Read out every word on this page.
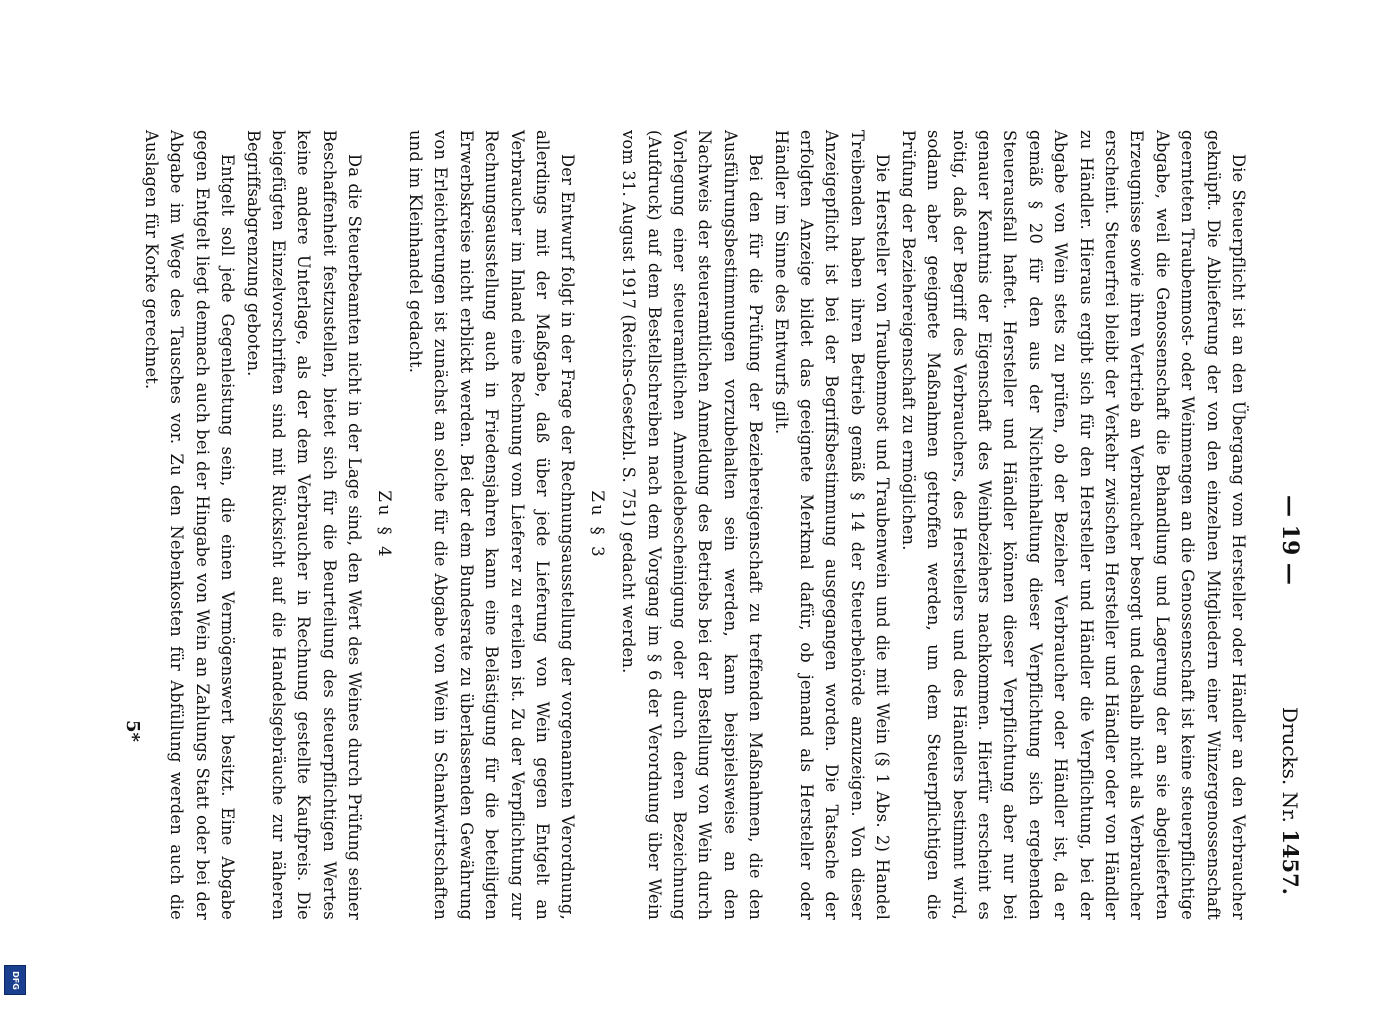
— 19 —
Drucks. Nr. 1457.

Die Steuerpflicht ist an den Übergang vom Hersteller oder Händler an den Verbraucher geknüpft. Die Ablieferung der von den einzelnen Mitgliedern einer Winzergenossenschaft geernteten Traubenmost- oder Weinmengen an die Genossenschaft ist keine steuerpflichtige Abgabe, weil die Genossenschaft die Behandlung und Lagerung der an sie abgelieferten Erzeugnisse sowie ihren Vertrieb an Verbraucher besorgt und deshalb nicht als Verbraucher erscheint. Steuerfrei bleibt der Verkehr zwischen Hersteller und Händler oder von Händler zu Händler. Hieraus ergibt sich für den Hersteller und Händler die Verpflichtung, bei der Abgabe von Wein stets zu prüfen, ob der Bezieher Verbraucher oder Händler ist, da er gemäß § 20 für den aus der Nichteinhaltung dieser Verpflichtung sich ergebenden Steuerausfall haftet. Hersteller und Händler können dieser Verpflichtung aber nur bei genauer Kenntnis der Eigenschaft des Weinbeziehers nachkommen. Hierfür erscheint es nötig, daß der Begriff des Verbrauchers, des Herstellers und des Händlers bestimmt wird, sodann aber geeignete Maßnahmen getroffen werden, um dem Steuerpflichtigen die Prüfung der Beziehereigenschaft zu ermöglichen.

Die Hersteller von Traubenmost und Traubenwein und die mit Wein (§ 1 Abs. 2) Handel Treibenden haben ihren Betrieb gemäß § 14 der Steuerbehörde anzuzeigen. Von dieser Anzeigepflicht ist bei der Begriffsbestimmung ausgegangen worden. Die Tatsache der erfolgten Anzeige bildet das geeignete Merkmal dafür, ob jemand als Hersteller oder Händler im Sinne des Entwurfs gilt.

Bei den für die Prüfung der Beziehereigenschaft zu treffenden Maßnahmen, die den Ausführungsbestimmungen vorzubehalten sein werden, kann beispielsweise an den Nachweis der steueramtlichen Anmeldung des Betriebs bei der Bestellung von Wein durch Vorlegung einer steueramtlichen Anmeldebescheinigung oder durch deren Bezeichnung (Aufdruck) auf dem Bestellschreiben nach dem Vorgang im § 6 der Verordnung über Wein vom 31. August 1917 (Reichs-Gesetzbl. S. 751) gedacht werden.

Zu § 3

Der Entwurf folgt in der Frage der Rechnungsausstellung der vorgenannten Verordnung, allerdings mit der Maßgabe, daß über jede Lieferung von Wein gegen Entgelt an Verbraucher im Inland eine Rechnung vom Lieferer zu erteilen ist. Zu der Verpflichtung zur Rechnungsausstellung auch in Friedensjahren kann eine Belästigung für die beteiligten Erwerbskreise nicht erblickt werden. Bei der dem Bundesrate zu überlassenden Gewährung von Erleichterungen ist zunächst an solche für die Abgabe von Wein in Schankwirtschaften und im Kleinhandel gedacht.

Zu § 4

Da die Steuerbeamten nicht in der Lage sind, den Wert des Weines durch Prüfung seiner Beschaffenheit festzustellen, bietet sich für die Beurteilung des steuerpflichtigen Wertes keine andere Unterlage, als der dem Verbraucher in Rechnung gestellte Kaufpreis. Die beigefügten Einzelvorschriften sind mit Rücksicht auf die Handelsgebräuche zur näheren Begriffsabgrenzung geboten.

Entgelt soll jede Gegenleistung sein, die einen Vermögenswert besitzt. Eine Abgabe gegen Entgelt liegt demnach auch bei der Hingabe von Wein an Zahlungs Statt oder bei der Abgabe im Wege des Tausches vor. Zu den Nebenkosten für Abfüllung werden auch die Auslagen für Korke gerechnet.

5*
DFG
